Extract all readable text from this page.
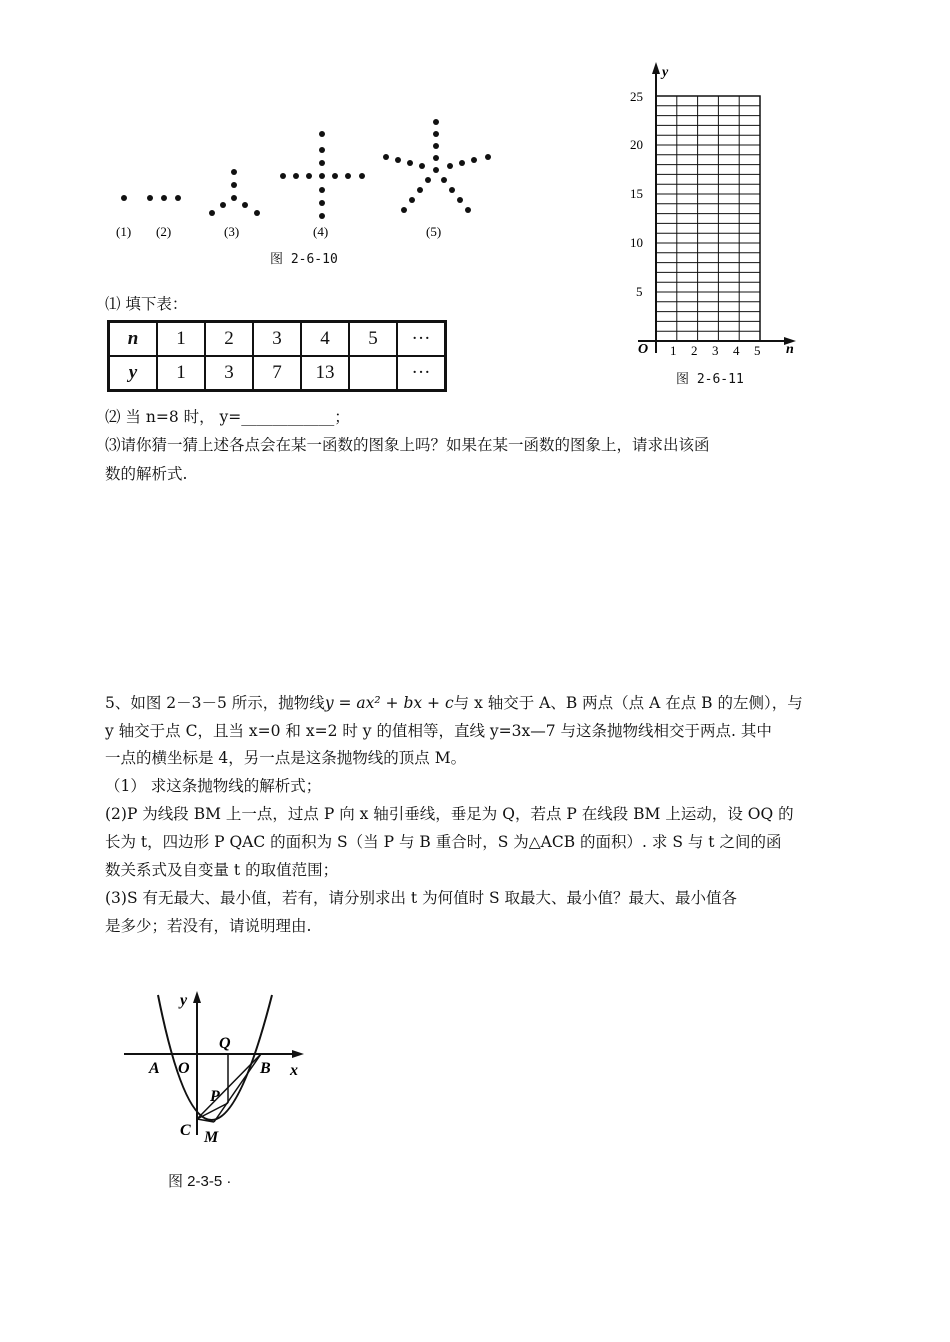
(1) (2)	(3)	(4)	(5)
图 2-6-10
y
n
O
5
10
15
20
25
1 2 3 4 5
图 2-6-11
⑴ 填下表：
n	1	2	3	4	5	···
y	1	3	7	13		···
⑵ 当 n=8 时， y=____________；
⑶请你猜一猜上述各点会在某一函数的图象上吗？如果在某一函数的图象上，请求出该函
数的解析式.
5、如图 2－3－5 所示，抛物线y = ax² + bx + c与 x 轴交于 A、B 两点（点 A 在点 B 的左侧），与
y 轴交于点 C，且当 x=0 和 x=2 时 y 的值相等，直线 y=3x—7 与这条抛物线相交于两点. 其中
一点的横坐标是 4，另一点是这条抛物线的顶点 M。
（1） 求这条抛物线的解析式；
(2)P 为线段 BM 上一点，过点 P 向 x 轴引垂线，垂足为 Q，若点 P 在线段 BM 上运动，设 OQ 的
长为 t，四边形 P QAC 的面积为 S（当 P 与 B 重合时，S 为△ACB 的面积）. 求 S 与 t 之间的函
数关系式及自变量 t 的取值范围；
(3)S 有无最大、最小值，若有，请分别求出 t 为何值时 S 取最大、最小值？最大、最小值各
是多少；若没有，请说明理由.
y
x
A O	B
Q
P
C M
图 2-3-5 ·
